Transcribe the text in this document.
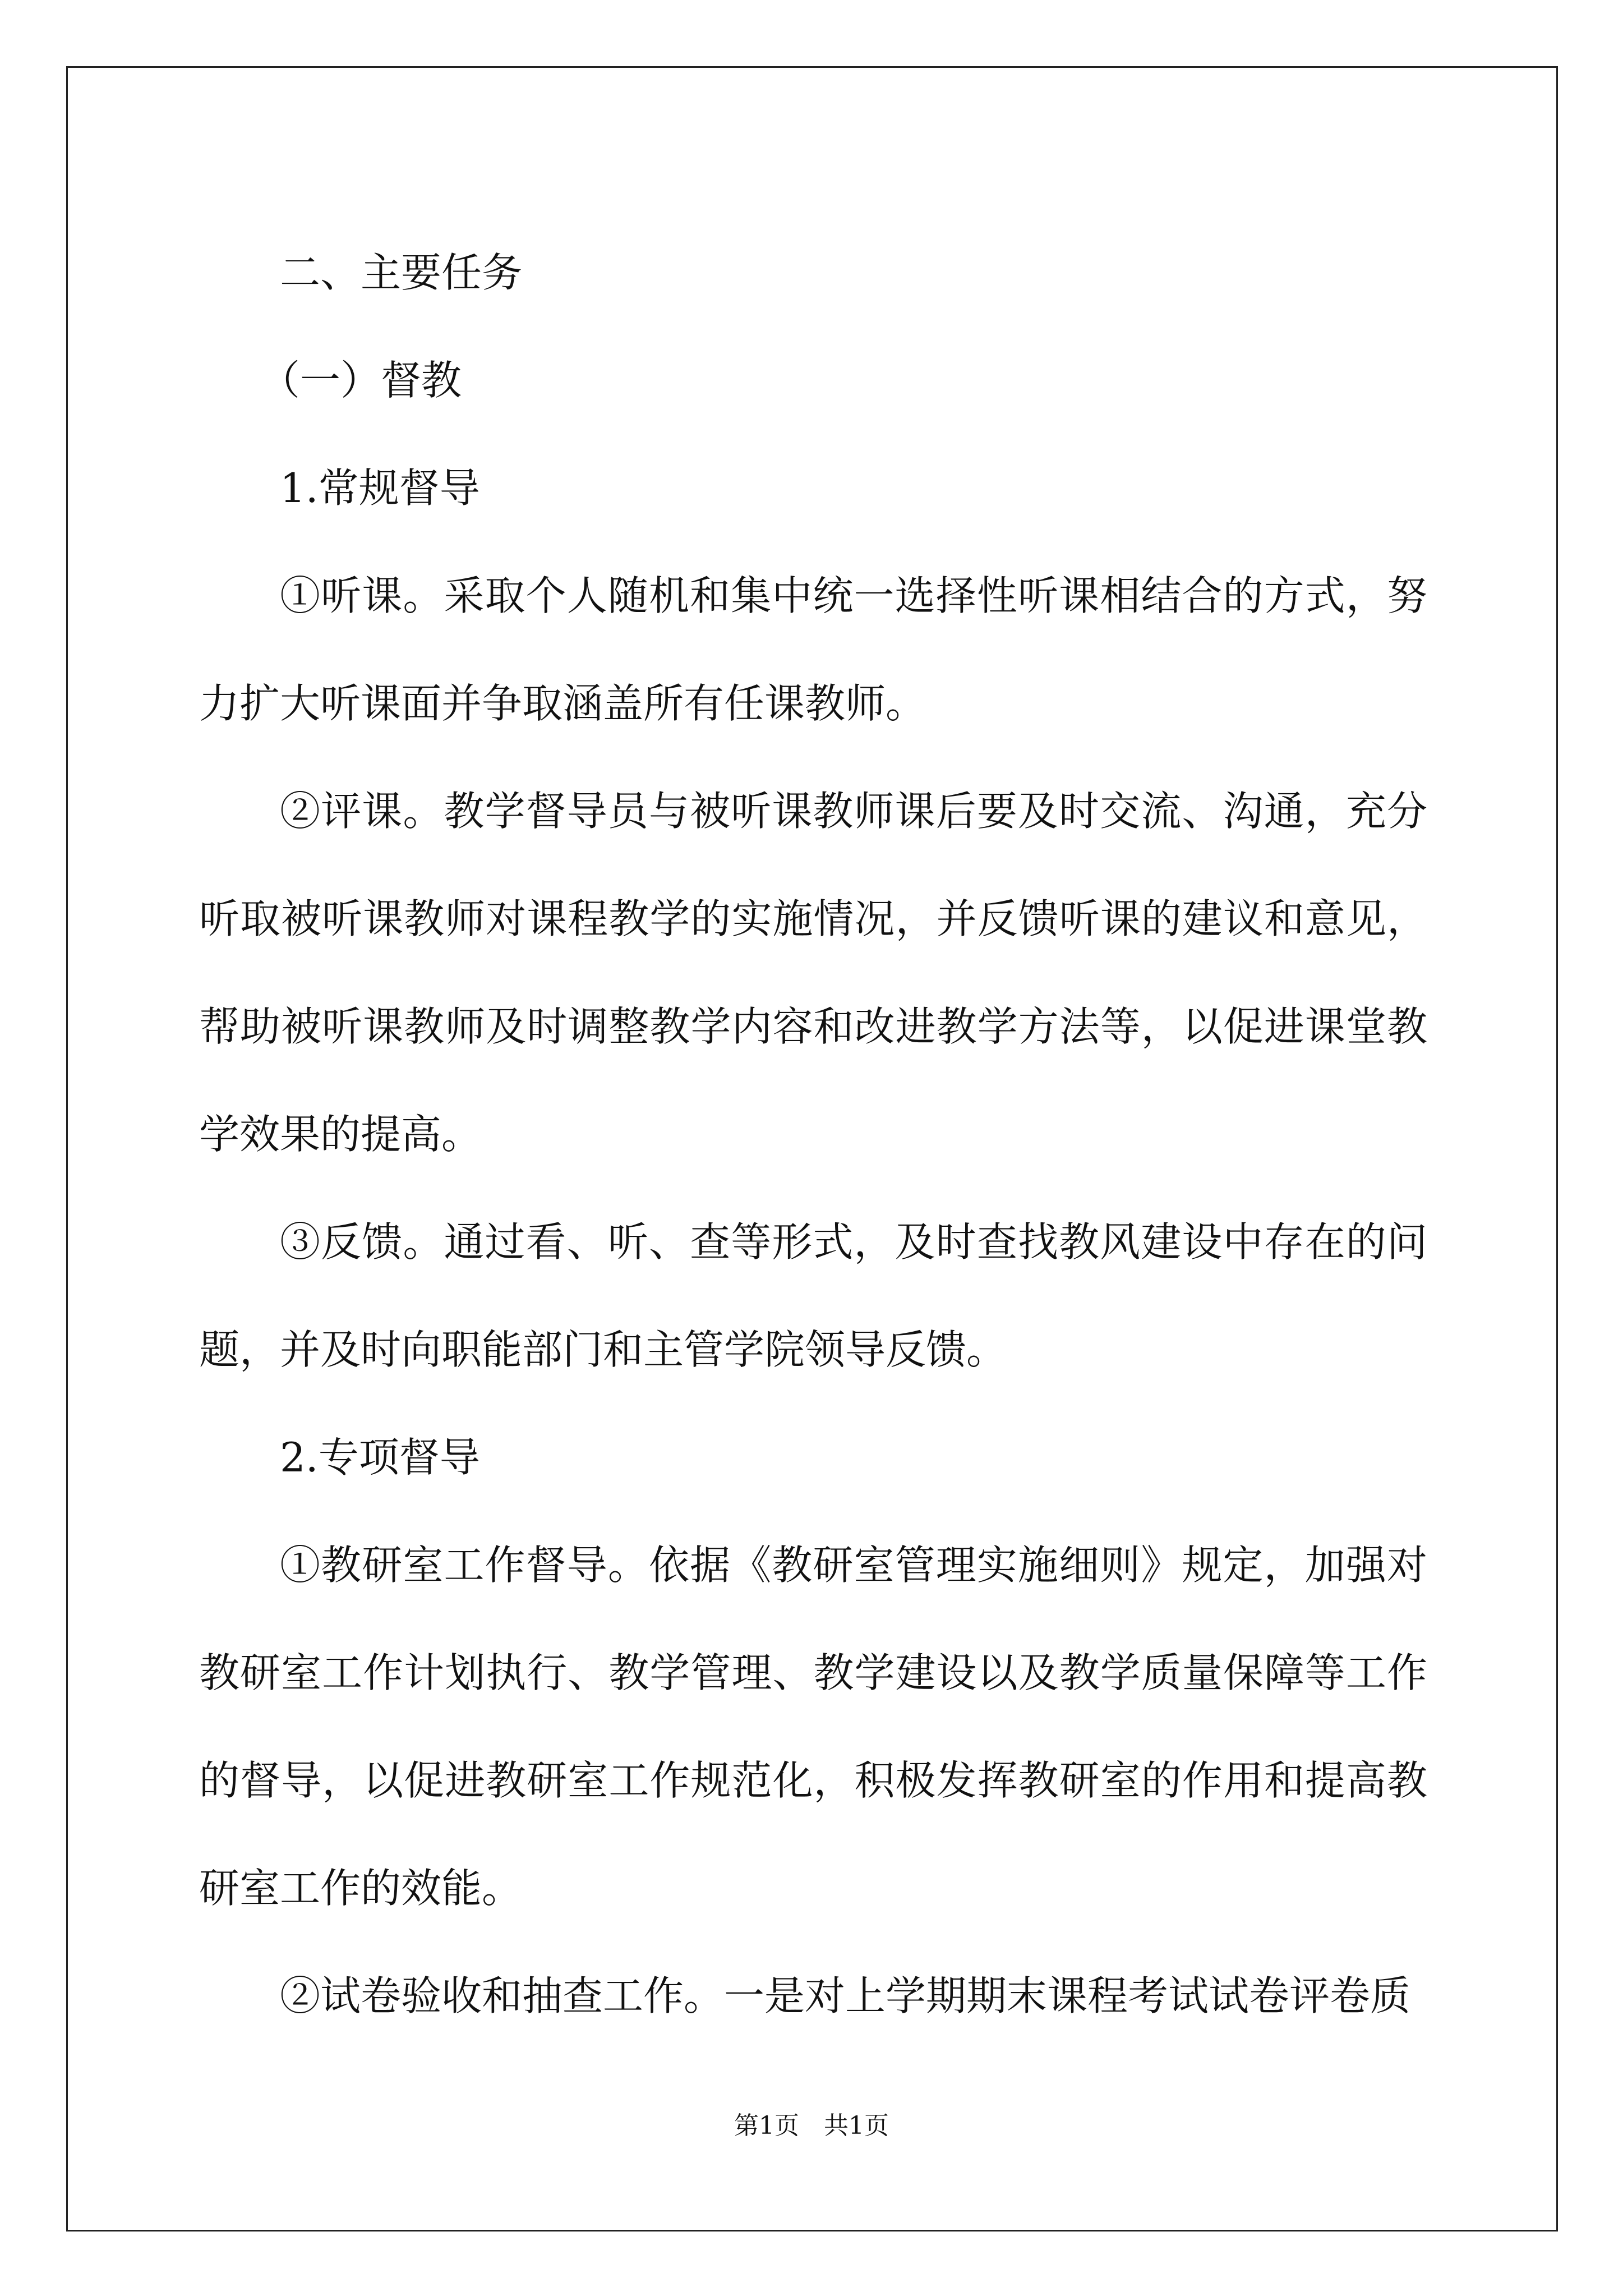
二、主要任务

（一）督教

1.常规督导

①听课。采取个人随机和集中统一选择性听课相结合的方式，努力扩大听课面并争取涵盖所有任课教师。

②评课。教学督导员与被听课教师课后要及时交流、沟通，充分听取被听课教师对课程教学的实施情况，并反馈听课的建议和意见，帮助被听课教师及时调整教学内容和改进教学方法等，以促进课堂教学效果的提高。

③反馈。通过看、听、查等形式，及时查找教风建设中存在的问题，并及时向职能部门和主管学院领导反馈。

2.专项督导

①教研室工作督导。依据《教研室管理实施细则》规定，加强对教研室工作计划执行、教学管理、教学建设以及教学质量保障等工作的督导，以促进教研室工作规范化，积极发挥教研室的作用和提高教研室工作的效能。

②试卷验收和抽查工作。一是对上学期期末课程考试试卷评卷质

第1页　共1页
